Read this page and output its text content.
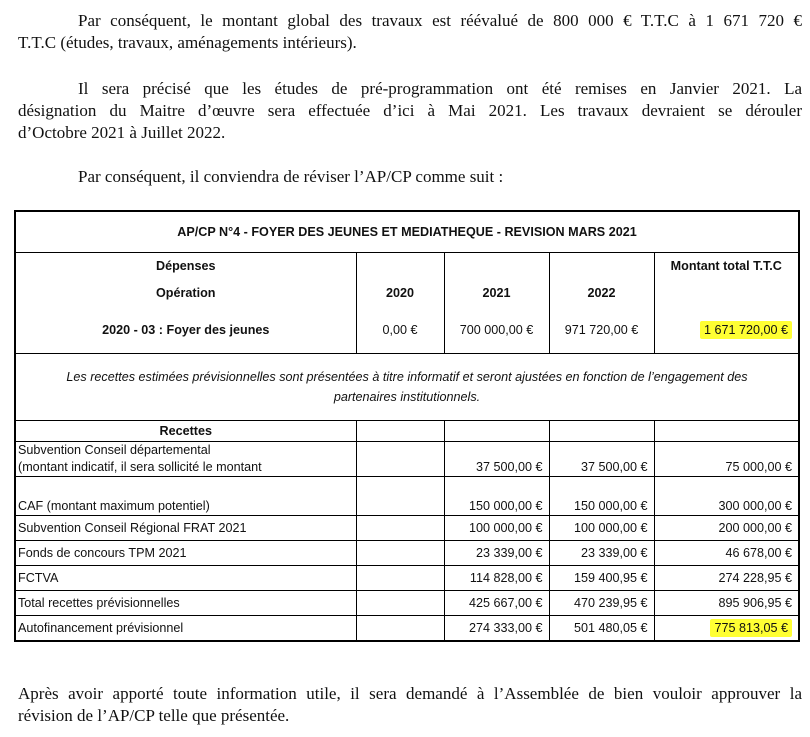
Par conséquent, le montant global des travaux est réévalué de 800 000 € T.T.C à 1 671 720 €
T.T.C (études, travaux, aménagements intérieurs).
Il sera précisé que les études de pré-programmation ont été remises en Janvier 2021. La
désignation du Maitre d’œuvre sera effectuée d’ici à Mai 2021. Les travaux devraient se dérouler
d’Octobre 2021 à Juillet 2022.
Par conséquent, il conviendra de réviser l’AP/CP comme suit :
AP/CP N°4 - FOYER DES JEUNES ET MEDIATHEQUE - REVISION MARS 2021				
Dépenses				Montant total T.T.C
Opération	2020	2021	2022	
2020 - 03 : Foyer des jeunes	0,00 €	700 000,00 €	971 720,00 €	1 671 720,00 €

Les recettes estimées prévisionnelles sont présentées à titre informatif et seront ajustées en fonction de l’engagement des
partenaires institutionnels.				

Recettes				

Subvention Conseil départemental
(montant indicatif, il sera sollicité le montant		37 500,00 €	37 500,00 €	75 000,00 €
CAF (montant maximum potentiel)		150 000,00 €	150 000,00 €	300 000,00 €
Subvention Conseil Régional FRAT 2021		100 000,00 €	100 000,00 €	200 000,00 €
Fonds de concours TPM 2021		23 339,00 €	23 339,00 €	46 678,00 €
FCTVA		114 828,00 €	159 400,95 €	274 228,95 €
Total recettes prévisionnelles		425 667,00 €	470 239,95 €	895 906,95 €
Autofinancement prévisionnel		274 333,00 €	501 480,05 €	775 813,05 €
Après avoir apporté toute information utile, il sera demandé à l’Assemblée de bien vouloir approuver la
révision de l’AP/CP telle que présentée.
